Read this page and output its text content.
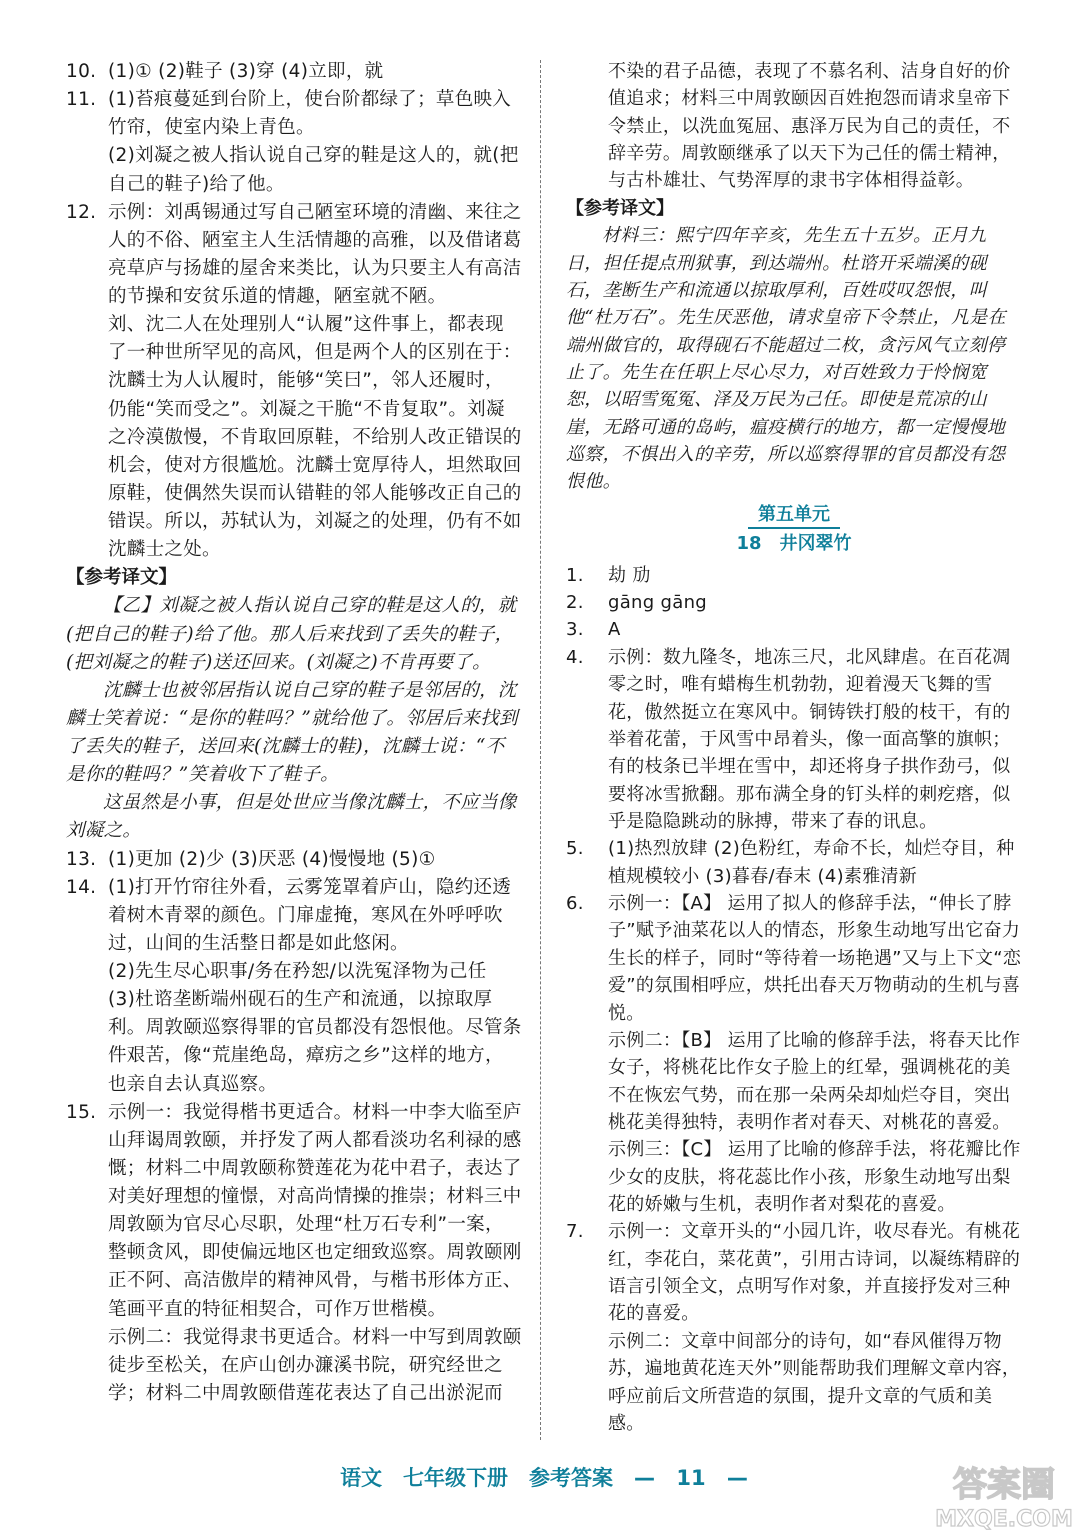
10. (1)① (2)鞋子 (3)穿 (4)立即，就

11. (1)苔痕蔓延到台阶上，使台阶都绿了；草色映入竹帘，使室内染上青色。

(2)刘凝之被人指认说自己穿的鞋是这人的，就(把自己的鞋子)给了他。

12. 示例：刘禹锡通过写自己陋室环境的清幽、来往之人的不俗、陋室主人生活情趣的高雅，以及借诸葛亮草庐与扬雄的屋舍来类比，认为只要主人有高洁的节操和安贫乐道的情趣，陋室就不陋。

刘、沈二人在处理别人“认履”这件事上，都表现了一种世所罕见的高风，但是两个人的区别在于：沈麟士为人认履时，能够“笑曰”，邻人还履时，仍能“笑而受之”。刘凝之干脆“不肯复取”。刘凝之冷漠傲慢，不肯取回原鞋，不给别人改正错误的机会，使对方很尴尬。沈麟士宽厚待人，坦然取回原鞋，使偶然失误而认错鞋的邻人能够改正自己的错误。所以，苏轼认为，刘凝之的处理，仍有不如沈麟士之处。

【参考译文】

【乙】刘凝之被人指认说自己穿的鞋是这人的，就(把自己的鞋子)给了他。那人后来找到了丢失的鞋子，(把刘凝之的鞋子)送还回来。(刘凝之)不肯再要了。

沈麟士也被邻居指认说自己穿的鞋子是邻居的，沈麟士笑着说：“是你的鞋吗？”就给他了。邻居后来找到了丢失的鞋子，送回来(沈麟士的鞋)，沈麟士说：“不是你的鞋吗？”笑着收下了鞋子。

这虽然是小事，但是处世应当像沈麟士，不应当像刘凝之。

13. (1)更加 (2)少 (3)厌恶 (4)慢慢地 (5)①

14. (1)打开竹帘往外看，云雾笼罩着庐山，隐约还透着树木青翠的颜色。门扉虚掩，寒风在外呼呼吹过，山间的生活整日都是如此悠闲。

(2)先生尽心职事/务在矜恕/以洗冤泽物为己任

(3)杜谘垄断端州砚石的生产和流通，以掠取厚利。周敦颐巡察得罪的官员都没有怨恨他。尽管条件艰苦，像“荒崖绝岛，瘴疠之乡”这样的地方，也亲自去认真巡察。

15. 示例一：我觉得楷书更适合。材料一中李大临至庐山拜谒周敦颐，并抒发了两人都看淡功名利禄的感慨；材料二中周敦颐称赞莲花为花中君子，表达了对美好理想的憧憬，对高尚情操的推崇；材料三中周敦颐为官尽心尽职，处理“杜万石专利”一案，整顿贪风，即使偏远地区也定细致巡察。周敦颐刚正不阿、高洁傲岸的精神风骨，与楷书形体方正、笔画平直的特征相契合，可作万世楷模。

示例二：我觉得隶书更适合。材料一中写到周敦颐徒步至松关，在庐山创办濂溪书院，研究经世之学；材料二中周敦颐借莲花表达了自己出淤泥而

不染的君子品德，表现了不慕名利、洁身自好的价值追求；材料三中周敦颐因百姓抱怨而请求皇帝下令禁止，以洗血冤屈、惠泽万民为自己的责任，不辞辛劳。周敦颐继承了以天下为己任的儒士精神，与古朴雄壮、气势浑厚的隶书字体相得益彰。

【参考译文】

材料三：熙宁四年辛亥，先生五十五岁。正月九日，担任提点刑狱事，到达端州。杜谘开采端溪的砚石，垄断生产和流通以掠取厚利，百姓哎叹怨恨，叫他“杜万石”。先生厌恶他，请求皇帝下令禁止，凡是在端州做官的，取得砚石不能超过二枚，贪污风气立刻停止了。先生在任职上尽心尽力，对百姓致力于怜悯宽恕，以昭雪冤冤、泽及万民为己任。即使是荒凉的山崖，无路可通的岛屿，瘟疫横行的地方，都一定慢慢地巡察，不惧出入的辛劳，所以巡察得罪的官员都没有怨恨他。

第五单元
18　井冈翠竹

1. 劫 劢

2. gāng gāng

3. A

4. 示例：数九隆冬，地冻三尺，北风肆虐。在百花凋零之时，唯有蜡梅生机勃勃，迎着漫天飞舞的雪花，傲然挺立在寒风中。铜铸铁打般的枝干，有的举着花蕾，于风雪中昂着头，像一面高擎的旗帜；有的枝条已半埋在雪中，却还将身子拱作劲弓，似要将冰雪掀翻。那布满全身的钉头样的刺疙瘩，似乎是隐隐跳动的脉搏，带来了春的讯息。

5. (1)热烈放肆 (2)色粉红，寿命不长，灿烂夺目，种植规模较小 (3)暮春/春末 (4)素雅清新

6. 示例一：【A】 运用了拟人的修辞手法，“伸长了脖子”赋予油菜花以人的情态，形象生动地写出它奋力生长的样子，同时“等待着一场艳遇”又与上下文“恋爱”的氛围相呼应，烘托出春天万物萌动的生机与喜悦。

示例二：【B】 运用了比喻的修辞手法，将春天比作女子，将桃花比作女子脸上的红晕，强调桃花的美不在恢宏气势，而在那一朵两朵却灿烂夺目，突出桃花美得独特，表明作者对春天、对桃花的喜爱。

示例三：【C】 运用了比喻的修辞手法，将花瓣比作少女的皮肤，将花蕊比作小孩，形象生动地写出梨花的娇嫩与生机，表明作者对梨花的喜爱。

7. 示例一：文章开头的“小园几许，收尽春光。有桃花红，李花白，菜花黄”，引用古诗词，以凝练精辟的语言引领全文，点明写作对象，并直接抒发对三种花的喜爱。

示例二：文章中间部分的诗句，如“春风催得万物苏，遍地黄花连天外”则能帮助我们理解文章内容，呼应前后文所营造的氛围，提升文章的气质和美感。

语文　七年级下册　参考答案　— 11 —	答案圈
MXQE.COM
